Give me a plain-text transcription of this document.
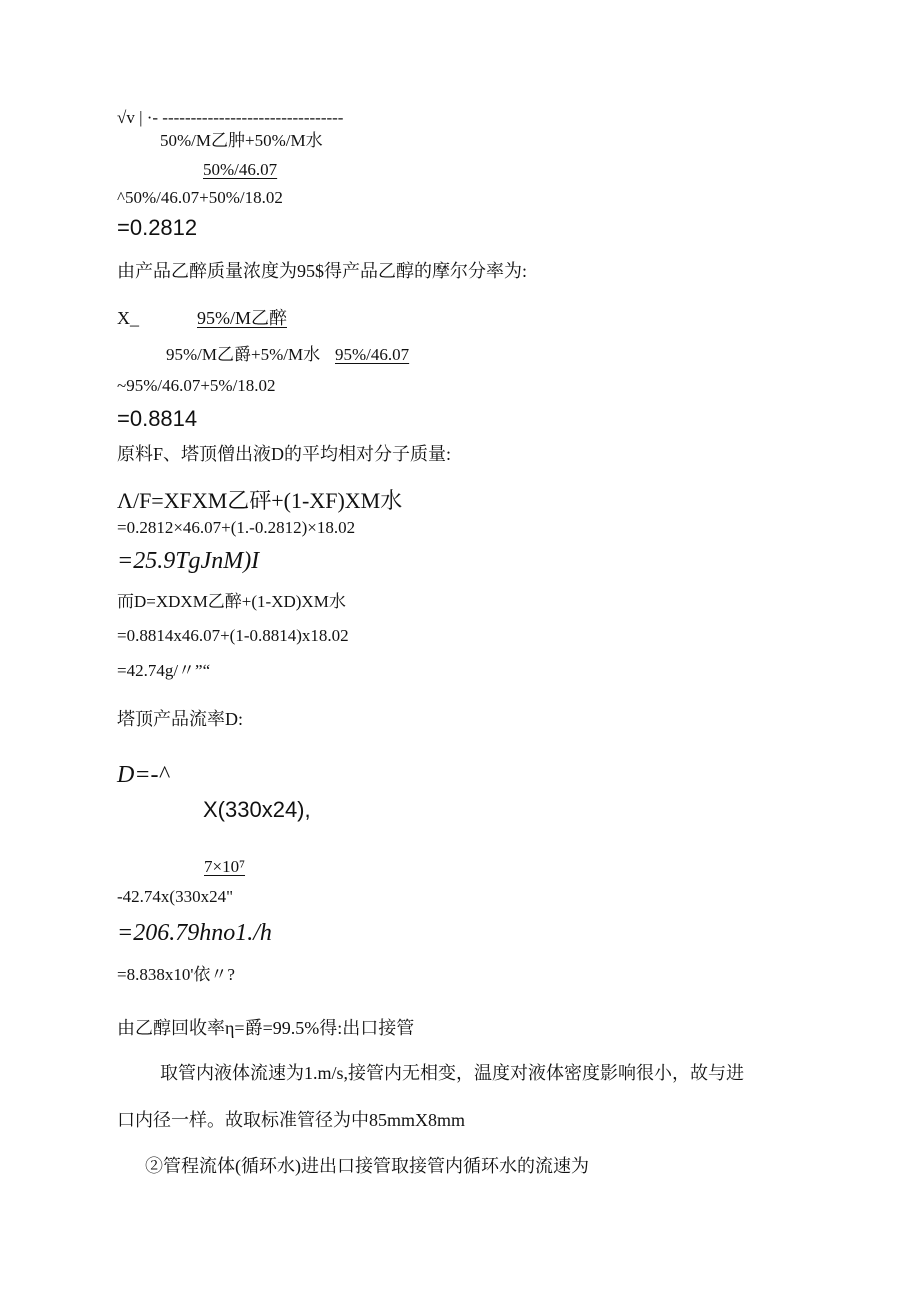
√v | ·- --------------------------------
50%/M乙肿+50%/M水
50%/46.07
^50%/46.07+50%/18.02
=0.2812
由产品乙醉质量浓度为95$得产品乙醇的摩尔分率为:
X_	95%/M乙醉
95%/M乙爵+5%/M水 95%/46.07
~95%/46.07+5%/18.02
=0.8814
原料F、塔顶僧出液D的平均相对分子质量:
Λ/F=XFXM乙砰+(1-XF)XM水
=0.2812×46.07+(1.-0.2812)×18.02
=25.9TgJnM)I
而D=XDXM乙醉+(1-XD)XM水
=0.8814x46.07+(1-0.8814)x18.02
=42.74g/〃”“
塔顶产品流率D:
D=-^
X(330x24),
7×10⁷
-42.74x(330x24"
=206.79hno1./h
=8.838x10'依〃?
由乙醇回收率η=爵=99.5%得:出口接管
取管内液体流速为1.m/s,接管内无相变，温度对液体密度影响很小，故与进
口内径一样。故取标准管径为中85mmX8mm
②管程流体(循环水)进出口接管取接管内循环水的流速为
